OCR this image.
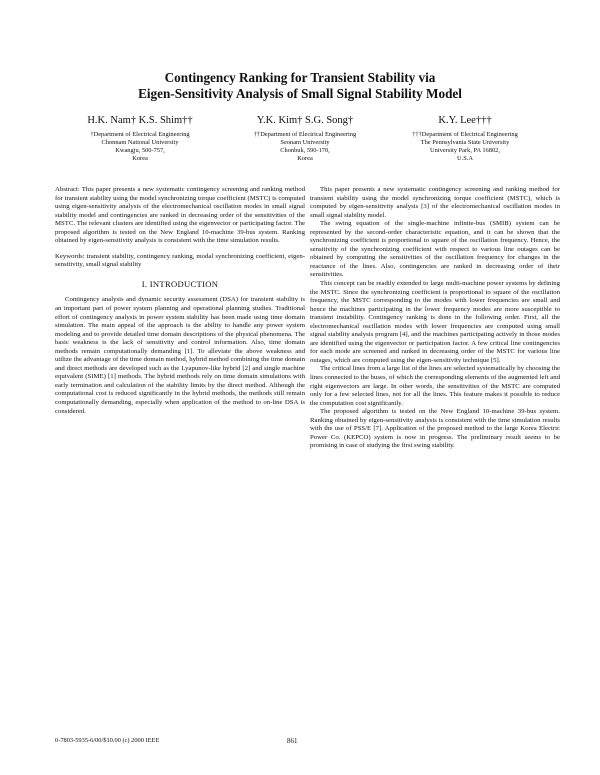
Contingency Ranking for Transient Stability via
Eigen-Sensitivity Analysis of Small Signal Stability Model
H.K. Nam† K.S. Shim††
†Department of Electrical Engineering
Chonnam National University
Kwangju, 500-757,
Korea
Y.K. Kim† S.G. Song†
††Department of Electrical Engineering
Seonam University
Chonbuk, 590-170,
Korea
K.Y. Lee†††
†††Department of Electrical Engineering
The Pennsylvania State University
University Park, PA 16802,
U.S.A

Abstract: This paper presents a new systematic contingency screening and ranking method for transient stability using the model synchronizing torque coefficient (MSTC) is computed using eigen-sensitivity analysis of the electromechanical oscillation modes in small signal stability model and contingencies are ranked in decreasing order of the sensitivities of the MSTC. The relevant clusters are identified using the eigenvector or participating factor. The proposed algorithm is tested on the New England 10-machine 39-bus system. Ranking obtained by eigen-sensitivity analysis is consistent with the time simulation results.

Keywords: transient stability, contingency ranking, modal synchronizing coefficient, eigen-sensitivity, small signal stability

I. INTRODUCTION

Contingency analysis and dynamic security assessment (DSA) for transient stability is an important part of power system planning and operational planning studies. Traditional effort of contingency analysis in power system stability has been made using time domain simulation. The main appeal of the approach is the ability to handle any power system modeling and to provide detailed time domain descriptions of the physical phenomena. The basic weakness is the lack of sensitivity and control information. Also, time domain methods remain computationally demanding [1]. To alleviate the above weakness and utilize the advantage of the time domain method, hybrid method combining the time domain and direct methods are developed such as the Lyapunov-like hybrid [2] and single machine equivalent (SIME) [1] methods. The hybrid methods rely on time domain simulations with early termination and calculation of the stability limits by the direct method. Although the computational cost is reduced significantly in the hybrid methods, the methods still remain computationally demanding, especially when application of the method to on-line DSA is considered.

This paper presents a new systematic contingency screening and ranking method for transient stability using the model synchronizing torque coefficient (MSTC), which is computed by eigen-sensitivity analysis [3] of the electromechanical oscillation modes in small signal stability model.

The swing equation of the single-machine infinite-bus (SMIB) system can be represented by the second-order characteristic equation, and it can be shown that the synchronizing coefficient is proportional to square of the oscillation frequency. Hence, the sensitivity of the synchronizing coefficient with respect to various line outages can be obtained by computing the sensitivities of the oscillation frequency for changes in the reactance of the lines. Also, contingencies are ranked in decreasing order of their sensitivities.

This concept can be readily extended to large multi-machine power systems by defining the MSTC. Since the synchronizing coefficient is proportional to square of the oscillation frequency, the MSTC corresponding to the modes with lower frequencies are small and hence the machines participating in the lower frequency modes are more susceptible to transient instability. Contingency ranking is done in the following order. First, all the electromechanical oscillation modes with lower frequencies are computed using small signal stability analysis program [4], and the machines participating actively in those modes are identified using the eigenvector or participation factor. A few critical line contingencies for each mode are screened and ranked in decreasing order of the MSTC for various line outages, which are computed using the eigen-sensitivity technique [5].

The critical lines from a large list of the lines are selected systematically by choosing the lines connected to the buses, of which the corresponding elements of the augmented left and right eigenvectors are large. In other words, the sensitivities of the MSTC are computed only for a few selected lines, not for all the lines. This feature makes it possible to reduce the computation cost significantly.

The proposed algorithm is tested on the New England 10-machine 39-bus system. Ranking obtained by eigen-sensitivity analysis is consistent with the time simulation results with the use of PSS/E [7]. Application of the proposed method to the large Korea Electric Power Co. (KEPCO) system is now in progress. The preliminary result seems to be promising in case of studying the first swing stability.

0-7803-5935-6/00/$10.00 (c) 2000 IEEE	861
